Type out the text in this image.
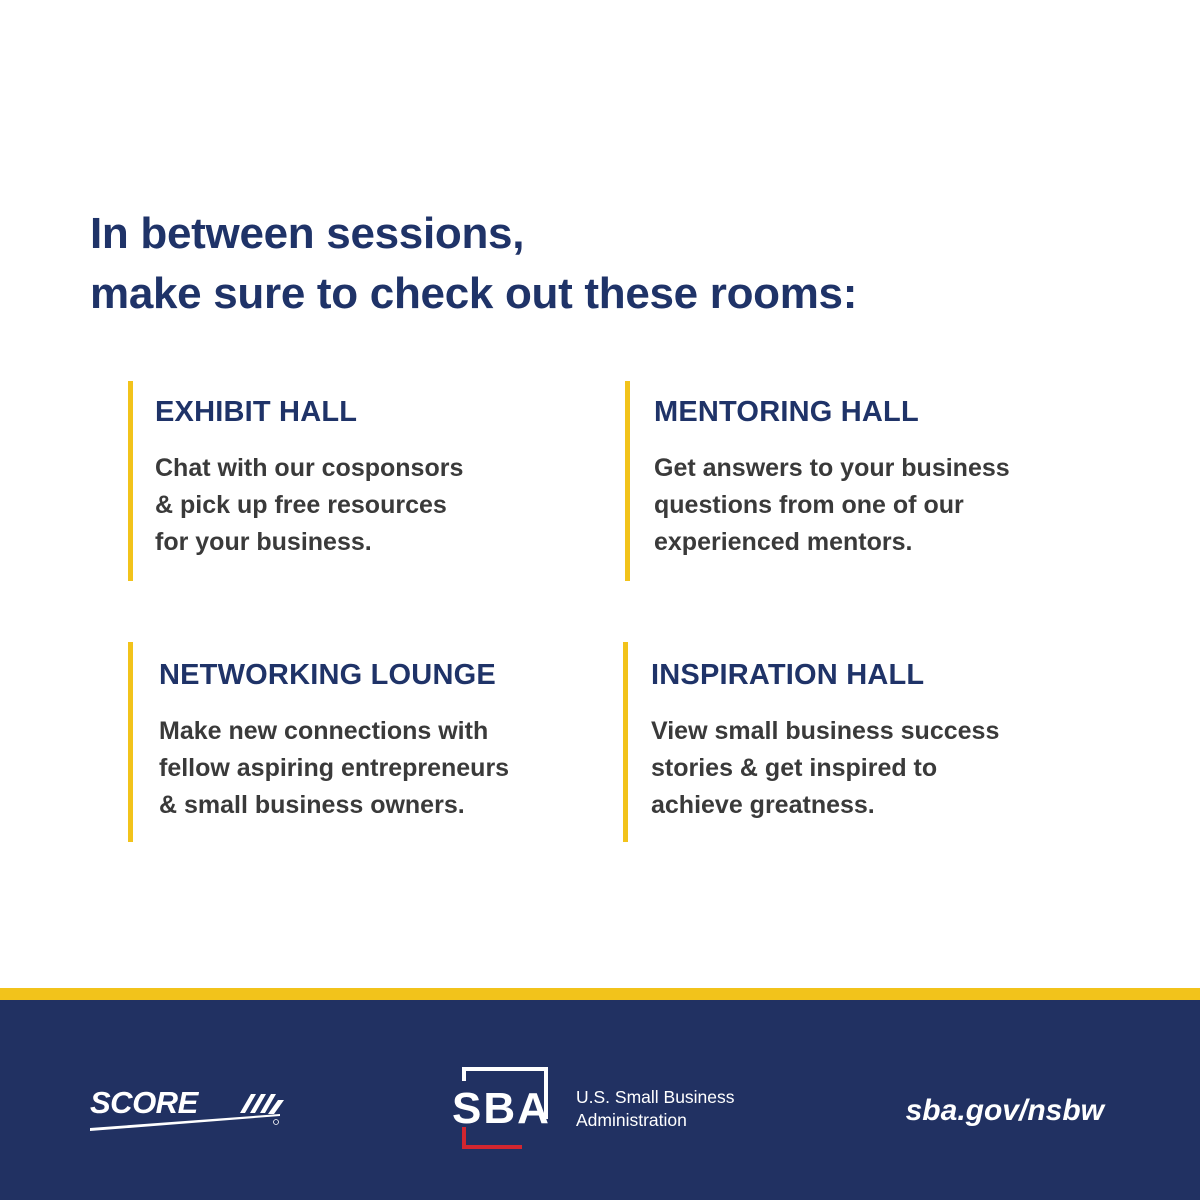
In between sessions,
make sure to check out these rooms:
EXHIBIT HALL
Chat with our cosponsors
& pick up free resources
for your business.
MENTORING HALL
Get answers to your business
questions from one of our
experienced mentors.
NETWORKING LOUNGE
Make new connections with
fellow aspiring entrepreneurs
& small business owners.
INSPIRATION HALL
View small business success
stories & get inspired to
achieve greatness.
SCORE	SBA U.S. Small Business
Administration	sba.gov/nsbw
